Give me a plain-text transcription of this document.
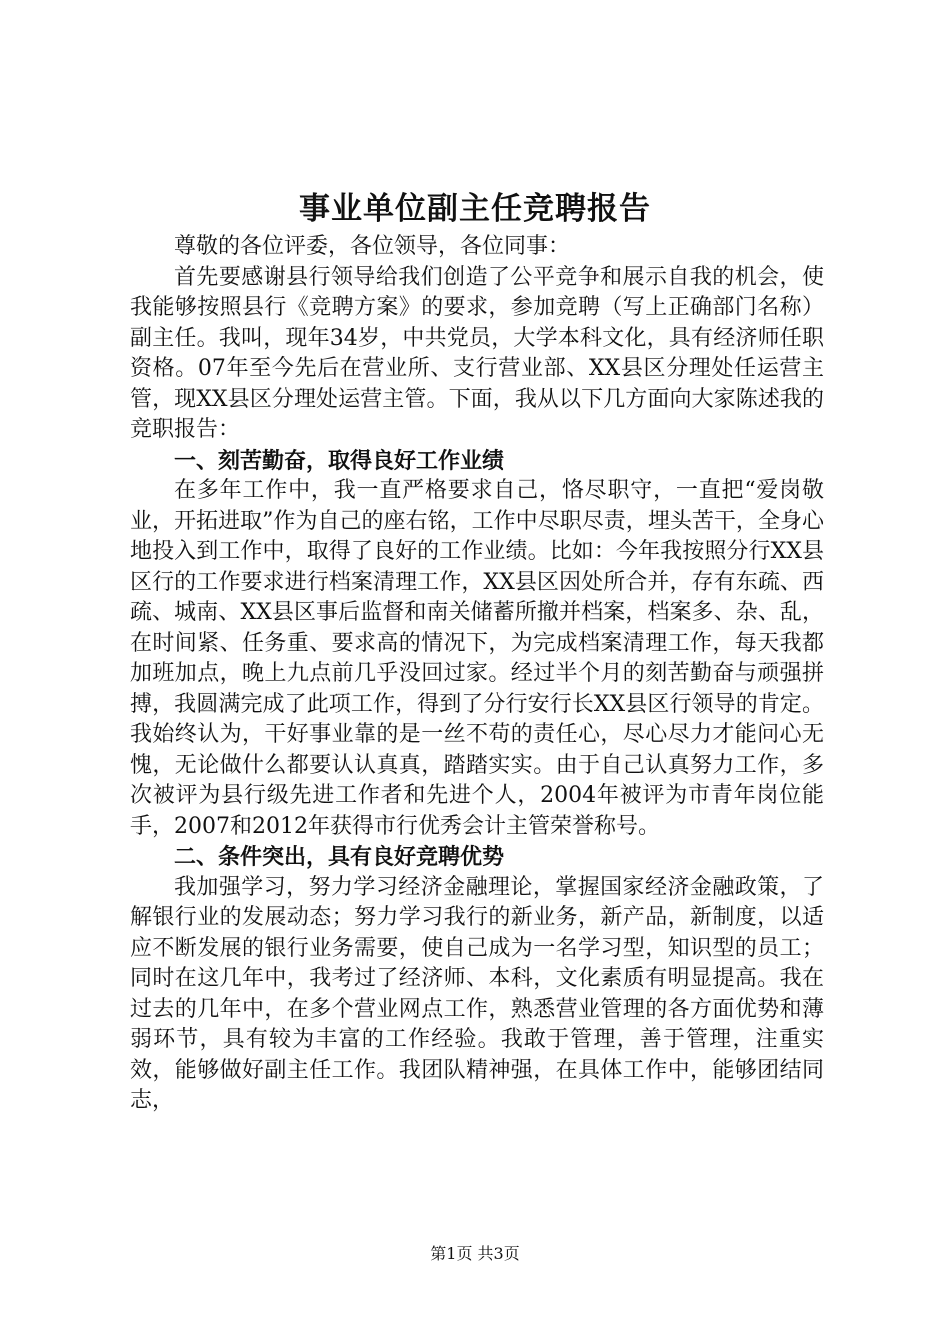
事业单位副主任竞聘报告

尊敬的各位评委，各位领导，各位同事：

首先要感谢县行领导给我们创造了公平竞争和展示自我的机会，使我能够按照县行《竞聘方案》的要求，参加竞聘（写上正确部门名称）副主任。我叫，现年34岁，中共党员，大学本科文化，具有经济师任职资格。07年至今先后在营业所、支行营业部、XX县区分理处任运营主管，现XX县区分理处运营主管。下面，我从以下几方面向大家陈述我的竞职报告：

一、刻苦勤奋，取得良好工作业绩

在多年工作中，我一直严格要求自己，恪尽职守，一直把“爱岗敬业，开拓进取”作为自己的座右铭，工作中尽职尽责，埋头苦干，全身心地投入到工作中，取得了良好的工作业绩。比如：今年我按照分行XX县区行的工作要求进行档案清理工作，XX县区因处所合并，存有东疏、西疏、城南、XX县区事后监督和南关储蓄所撤并档案，档案多、杂、乱，在时间紧、任务重、要求高的情况下，为完成档案清理工作，每天我都加班加点，晚上九点前几乎没回过家。经过半个月的刻苦勤奋与顽强拼搏，我圆满完成了此项工作，得到了分行安行长XX县区行领导的肯定。我始终认为，干好事业靠的是一丝不苟的责任心，尽心尽力才能问心无愧，无论做什么都要认认真真，踏踏实实。由于自己认真努力工作，多次被评为县行级先进工作者和先进个人，2004年被评为市青年岗位能手，2007和2012年获得市行优秀会计主管荣誉称号。

二、条件突出，具有良好竞聘优势

我加强学习，努力学习经济金融理论，掌握国家经济金融政策，了解银行业的发展动态；努力学习我行的新业务，新产品，新制度，以适应不断发展的银行业务需要，使自己成为一名学习型，知识型的员工；同时在这几年中，我考过了经济师、本科，文化素质有明显提高。我在过去的几年中，在多个营业网点工作，熟悉营业管理的各方面优势和薄弱环节，具有较为丰富的工作经验。我敢于管理，善于管理，注重实效，能够做好副主任工作。我团队精神强，在具体工作中，能够团结同志，

第1页 共3页
